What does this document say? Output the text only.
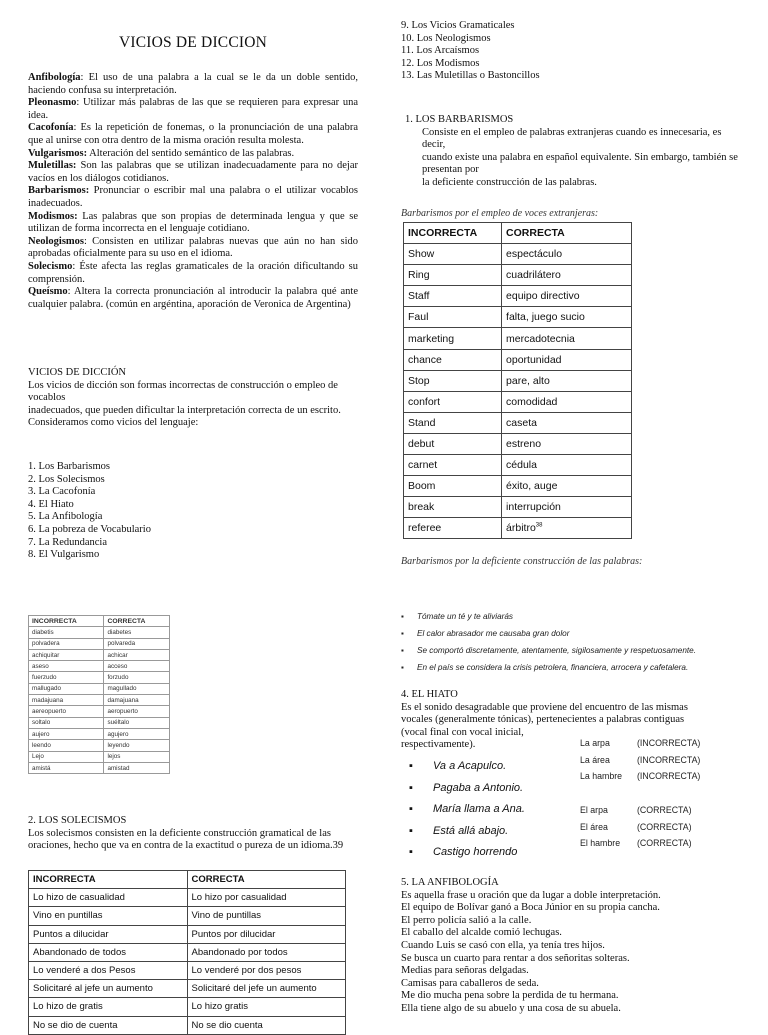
VICIOS DE DICCION

Anfibología: El uso de una palabra a la cual se le da un doble sentido, haciendo confusa su interpretación.

Pleonasmo: Utilizar más palabras de las que se requieren para expresar una idea.

Cacofonía: Es la repetición de fonemas, o la pronunciación de una palabra que al unirse con otra dentro de la misma oración resulta molesta.

Vulgarismos: Alteración del sentido semántico de las palabras.

Muletillas: Son las palabras que se utilizan inadecuadamente para no dejar vacíos en los diálogos cotidianos.

Barbarismos: Pronunciar o escribir mal una palabra o el utilizar vocablos inadecuados.

Modismos: Las palabras que son propias de determinada lengua y que se utilizan de forma incorrecta en el lenguaje cotidiano.

Neologismos: Consisten en utilizar palabras nuevas que aún no han sido aprobadas oficialmente para su uso en el idioma.

Solecismo: Éste afecta las reglas gramaticales de la oración dificultando su comprensión.

Queísmo: Altera la correcta pronunciación al introducir la palabra qué ante cualquier palabra. (común en argéntina, aporación de Veronica de Argentina)

VICIOS DE DICCIÓN
Los vicios de dicción son formas incorrectas de construcción o empleo de vocablos
inadecuados, que pueden dificultar la interpretación correcta de un escrito.
Consideramos como vicios del lenguaje:
1. Los Barbarismos
2. Los Solecismos
3. La Cacofonía
4. El Hiato
5. La Anfibología
6. La pobreza de Vocabulario
7. La Redundancia
8. El Vulgarismo
INCORRECTA	CORRECTA
diabetis	diabetes
polvadera	polvareda
achiquitar	achicar
aseso	acceso
fuerzudo	forzudo
mallugado	magullado
madajuana	damajuana
aereopuerto	aeropuerto
soltalo	suéltalo
aujero	agujero
leendo	leyendo
Lejo	lejos
amistá	amistad
2. LOS SOLECISMOS
Los solecismos consisten en la deficiente construcción gramatical de las oraciones, hecho que va en contra de la exactitud o pureza de un idioma.39
INCORRECTA	CORRECTA
Lo hizo de casualidad	Lo hizo por casualidad
Vino en puntillas	Vino de puntillas
Puntos a dilucidar	Puntos por dilucidar
Abandonado de todos	Abandonado por todos
Lo venderé a dos Pesos	Lo venderé por dos pesos
Solicitaré al jefe un aumento	Solicitaré del jefe un aumento
Lo hizo de gratis	Lo hizo gratis
No se dio de cuenta	No se dio cuenta
9. Los Vicios Gramaticales
10. Los Neologismos
11. Los Arcaísmos
12. Los Modismos
13. Las Muletillas o Bastoncillos
1. LOS BARBARISMOS
Consiste en el empleo de palabras extranjeras cuando es innecesaria, es decir,
cuando existe una palabra en español equivalente. Sin embargo, también se presentan por
la deficiente construcción de las palabras.
Barbarismos por el empleo de voces extranjeras:
INCORRECTA	CORRECTA
Show	espectáculo
Ring	cuadrilátero
Staff	equipo directivo
Faul	falta, juego sucio
marketing	mercadotecnia
chance	oportunidad
Stop	pare, alto
confort	comodidad
Stand	caseta
debut	estreno
carnet	cédula
Boom	éxito, auge
break	interrupción
referee	árbitro$^{38}$
Barbarismos por la deficiente construcción de las palabras:
▪ Tómate un té y te aliviarás
▪ El calor abrasador me causaba gran dolor
▪ Se comportó discretamente, atentamente, sigilosamente y respetuosamente.
▪ En el país se considera la crisis petrolera, financiera, arrocera y cafetalera.
4. EL HIATO
Es el sonido desagradable que proviene del encuentro de las mismas
vocales (generalmente tónicas), pertenecientes a palabras contiguas
(vocal final con vocal inicial,
respectivamente).
▪ Va a Acapulco.
▪ Pagaba a Antonio.
▪ María llama a Ana.
▪ Está allá abajo.
▪ Castigo horrendo
La arpa	(INCORRECTA)
La área	(INCORRECTA)
La hambre	(INCORRECTA)
El arpa	(CORRECTA)
El área	(CORRECTA)
El hambre	(CORRECTA)
5. LA ANFIBOLOGÍA
Es aquella frase u oración que da lugar a doble interpretación.
El equipo de Bolívar ganó a Boca Júnior en su propia cancha.
El perro policía salió a la calle.
El caballo del alcalde comió lechugas.
Cuando Luis se casó con ella, ya tenía tres hijos.
Se busca un cuarto para rentar a dos señoritas solteras.
Medias para señoras delgadas.
Camisas para caballeros de seda.
Me dio mucha pena sobre la perdida de tu hermana.
Ella tiene algo de su abuelo y una cosa de su abuela.
